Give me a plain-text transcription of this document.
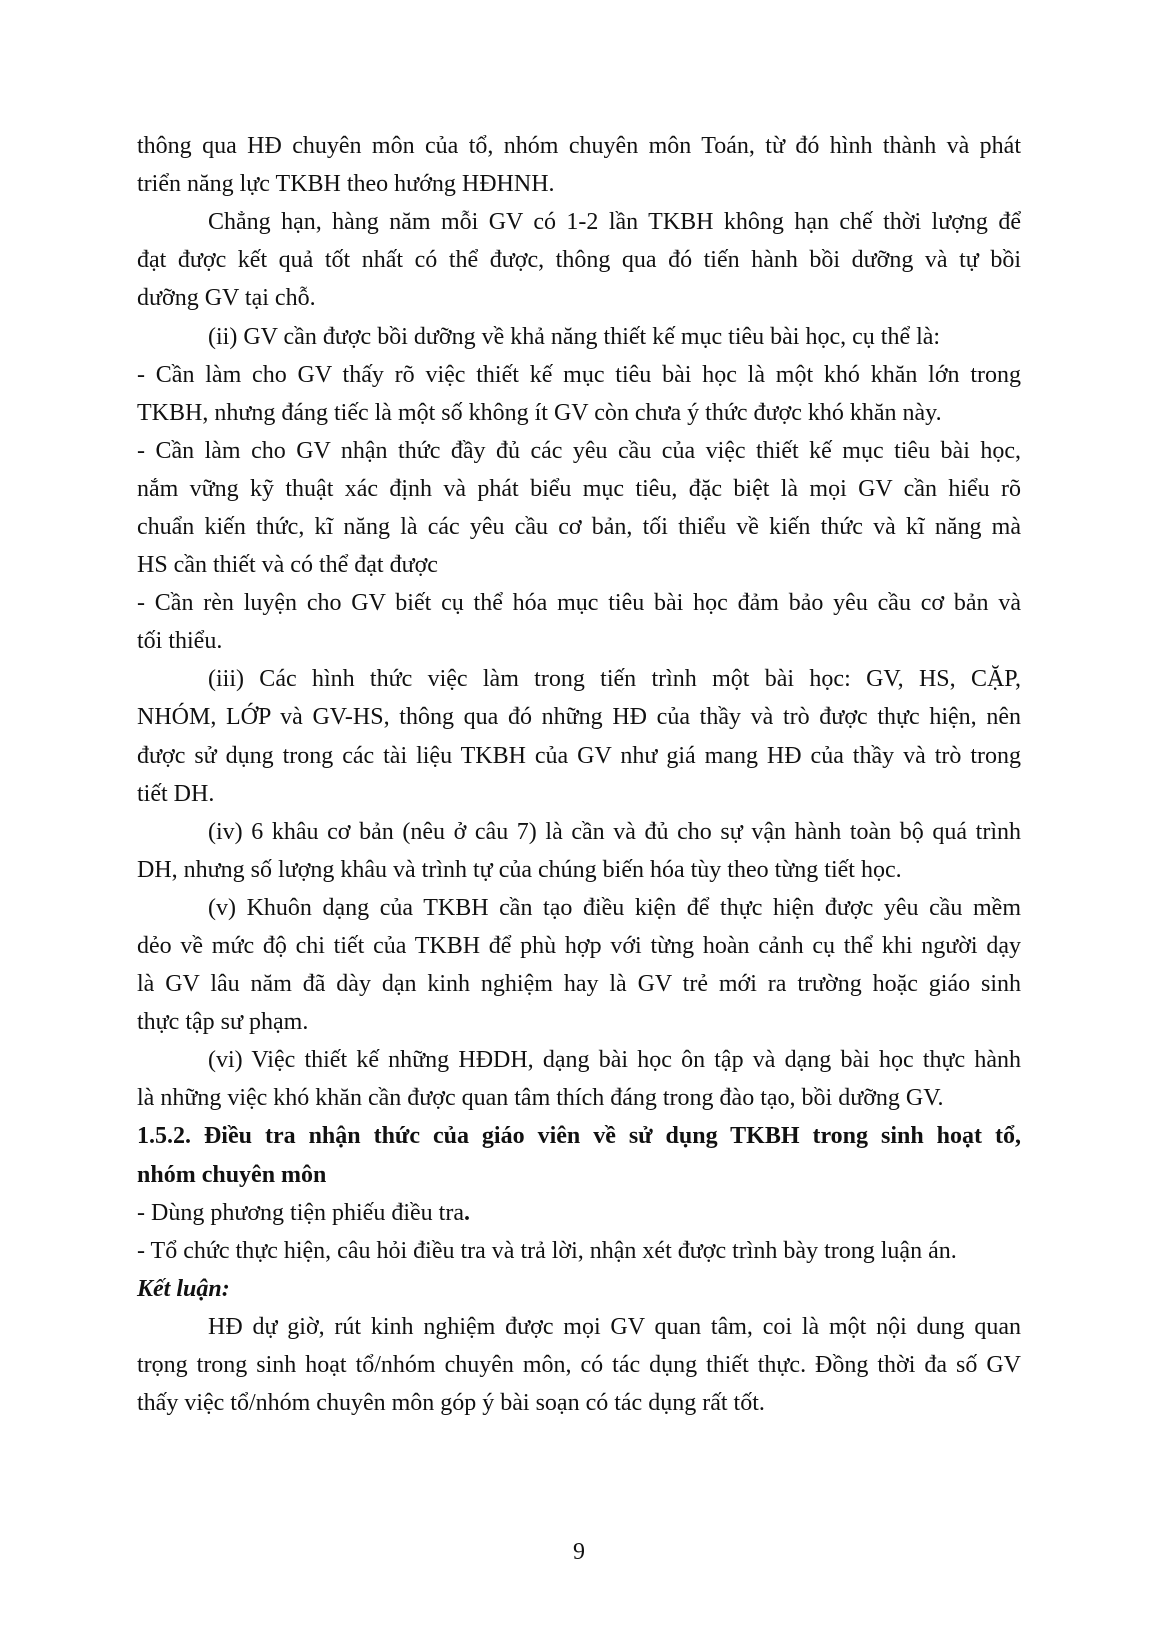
thông qua HĐ chuyên môn của tổ, nhóm chuyên môn Toán, từ đó hình thành và phát
triển năng lực TKBH theo hướng HĐHNH.
Chẳng hạn, hàng năm mỗi GV có 1-2 lần TKBH không hạn chế thời lượng để
đạt được kết quả tốt nhất có thể được, thông qua đó tiến hành bồi dưỡng và tự bồi
dưỡng GV tại chỗ.
(ii) GV cần được bồi dưỡng về khả năng thiết kế mục tiêu bài học, cụ thể là:
- Cần làm cho GV thấy rõ việc thiết kế mục tiêu bài học là một khó khăn lớn trong
TKBH, nhưng đáng tiếc là một số không ít GV còn chưa ý thức được khó khăn này.
- Cần làm cho GV nhận thức đầy đủ các yêu cầu của việc thiết kế mục tiêu bài học,
nắm vững kỹ thuật xác định và phát biểu mục tiêu, đặc biệt là mọi GV cần hiểu rõ
chuẩn kiến thức, kĩ năng là các yêu cầu cơ bản, tối thiểu về kiến thức và kĩ năng mà
HS cần thiết và có thể đạt được
- Cần rèn luyện cho GV biết cụ thể hóa mục tiêu bài học đảm bảo yêu cầu cơ bản và
tối thiểu.
(iii) Các hình thức việc làm trong tiến trình một bài học: GV, HS, CẶP,
NHÓM, LỚP và GV-HS, thông qua đó những HĐ của thầy và trò được thực hiện, nên
được sử dụng trong các tài liệu TKBH của GV như giá mang HĐ của thầy và trò trong
tiết DH.
(iv) 6 khâu cơ bản (nêu ở câu 7) là cần và đủ cho sự vận hành toàn bộ quá trình
DH, nhưng số lượng khâu và trình tự của chúng biến hóa tùy theo từng tiết học.
(v) Khuôn dạng của TKBH cần tạo điều kiện để thực hiện được yêu cầu mềm
dẻo về mức độ chi tiết của TKBH để phù hợp với từng hoàn cảnh cụ thể khi người dạy
là GV lâu năm đã dày dạn kinh nghiệm hay là GV trẻ mới ra trường hoặc giáo sinh
thực tập sư phạm.
(vi) Việc thiết kế những HĐDH, dạng bài học ôn tập và dạng bài học thực hành
là những việc khó khăn cần được quan tâm thích đáng trong đào tạo, bồi dưỡng GV.
1.5.2. Điều tra nhận thức của giáo viên về sử dụng TKBH trong sinh hoạt tổ,
nhóm chuyên môn
- Dùng phương tiện phiếu điều tra.
- Tổ chức thực hiện, câu hỏi điều tra và trả lời, nhận xét được trình bày trong luận án.
Kết luận:
HĐ dự giờ, rút kinh nghiệm được mọi GV quan tâm, coi là một nội dung quan
trọng trong sinh hoạt tổ/nhóm chuyên môn, có tác dụng thiết thực. Đồng thời đa số GV
thấy việc tổ/nhóm chuyên môn góp ý bài soạn có tác dụng rất tốt.
9
